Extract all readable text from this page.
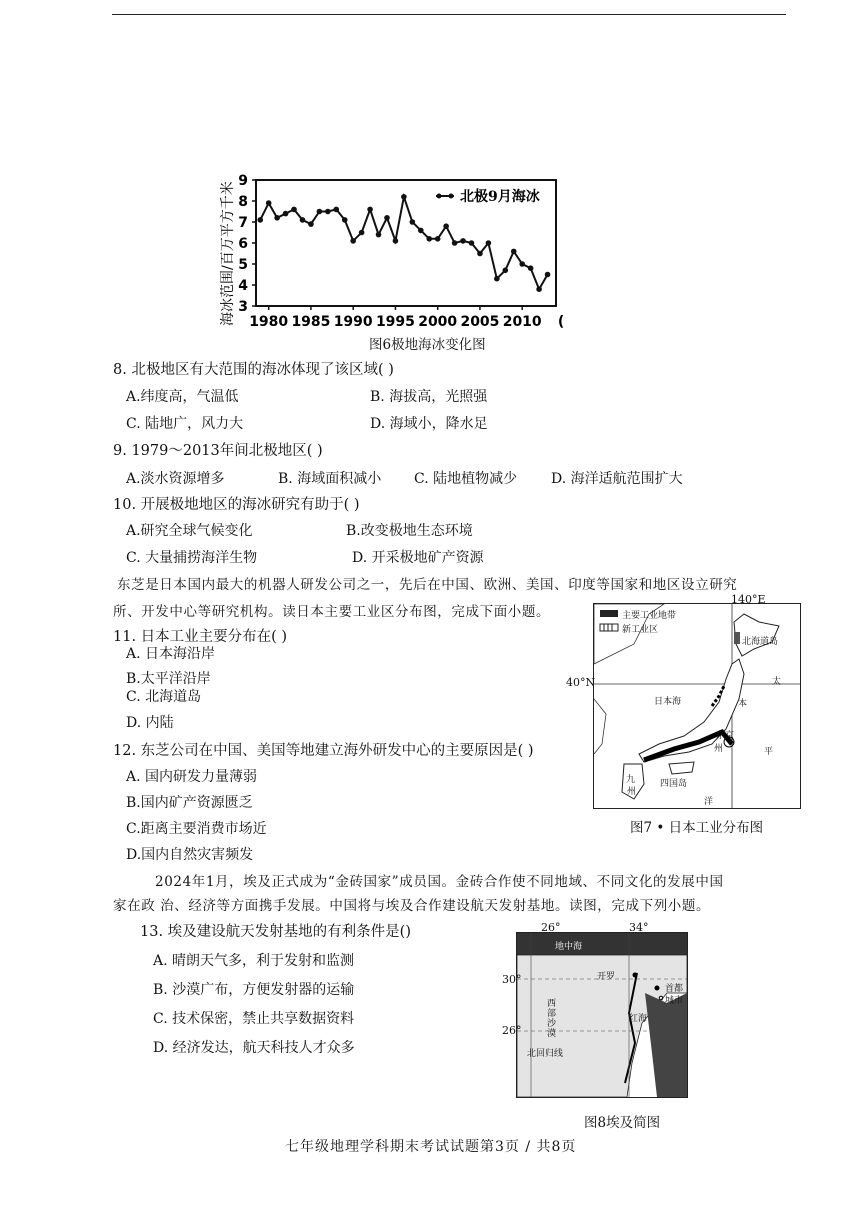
3
4
5
6
7
8
9
1980 1985 1990 1995 2000 2005 2010 (⁠
海冰范围/百万平方千米	北极9月海冰
图6极地海冰变化图
8. 北极地区有大范围的海冰体现了该区域( )
A.纬度高，气温低	B. 海拔高，光照强
C. 陆地广，风力大	D. 海域小，降水足
9. 1979～2013年间北极地区( )
A.淡水资源增多	B. 海域面积减小 C. 陆地植物减少 D. 海洋适航范围扩大
10. 开展极地地区的海冰研究有助于( )
A.研究全球气候变化	B.改变极地生态环境
C. 大量捕捞海洋生物	D. 开采极地矿产资源
东芝是日本国内最大的机器人研发公司之一，先后在中国、欧洲、美国、印度等国家和地区设立研究
所、开发中心等研究机构。读日本主要工业区分布图，完成下面小题。
11. 日本工业主要分布在( )
A. 日本海沿岸
B.太平洋沿岸
C. 北海道岛
D. 内陆
12. 东芝公司在中国、美国等地建立海外研发中心的主要原因是( )
A. 国内研发力量薄弱
B.国内矿产资源匮乏
C.距离主要消费市场近
D.国内自然灾害频发
主要工业地带
新工业区
北海道岛
日本海
太
平
洋
本
东京
州
四国岛
九
州
140°E
40°N
图7 • 日本工业分布图
2024年1月，埃及正式成为“金砖国家”成员国。金砖合作使不同地域、不同文化的发展中国
家在政 治、经济等方面携手发展。中国将与埃及合作建设航天发射基地。读图，完成下列小题。
13. 埃及建设航天发射基地的有利条件是()
A. 晴朗天气多，利于发射和监测
B. 沙漠广布，方便发射器的运输
C. 技术保密，禁止共享数据资料
D. 经济发达，航天科技人才众多
地中海
开罗
西部沙漠
红海
首都
城市
北回归线
26°	34°
30°
26°
图8埃及简图
七年级地理学科期末考试试题第3页 / 共8页
